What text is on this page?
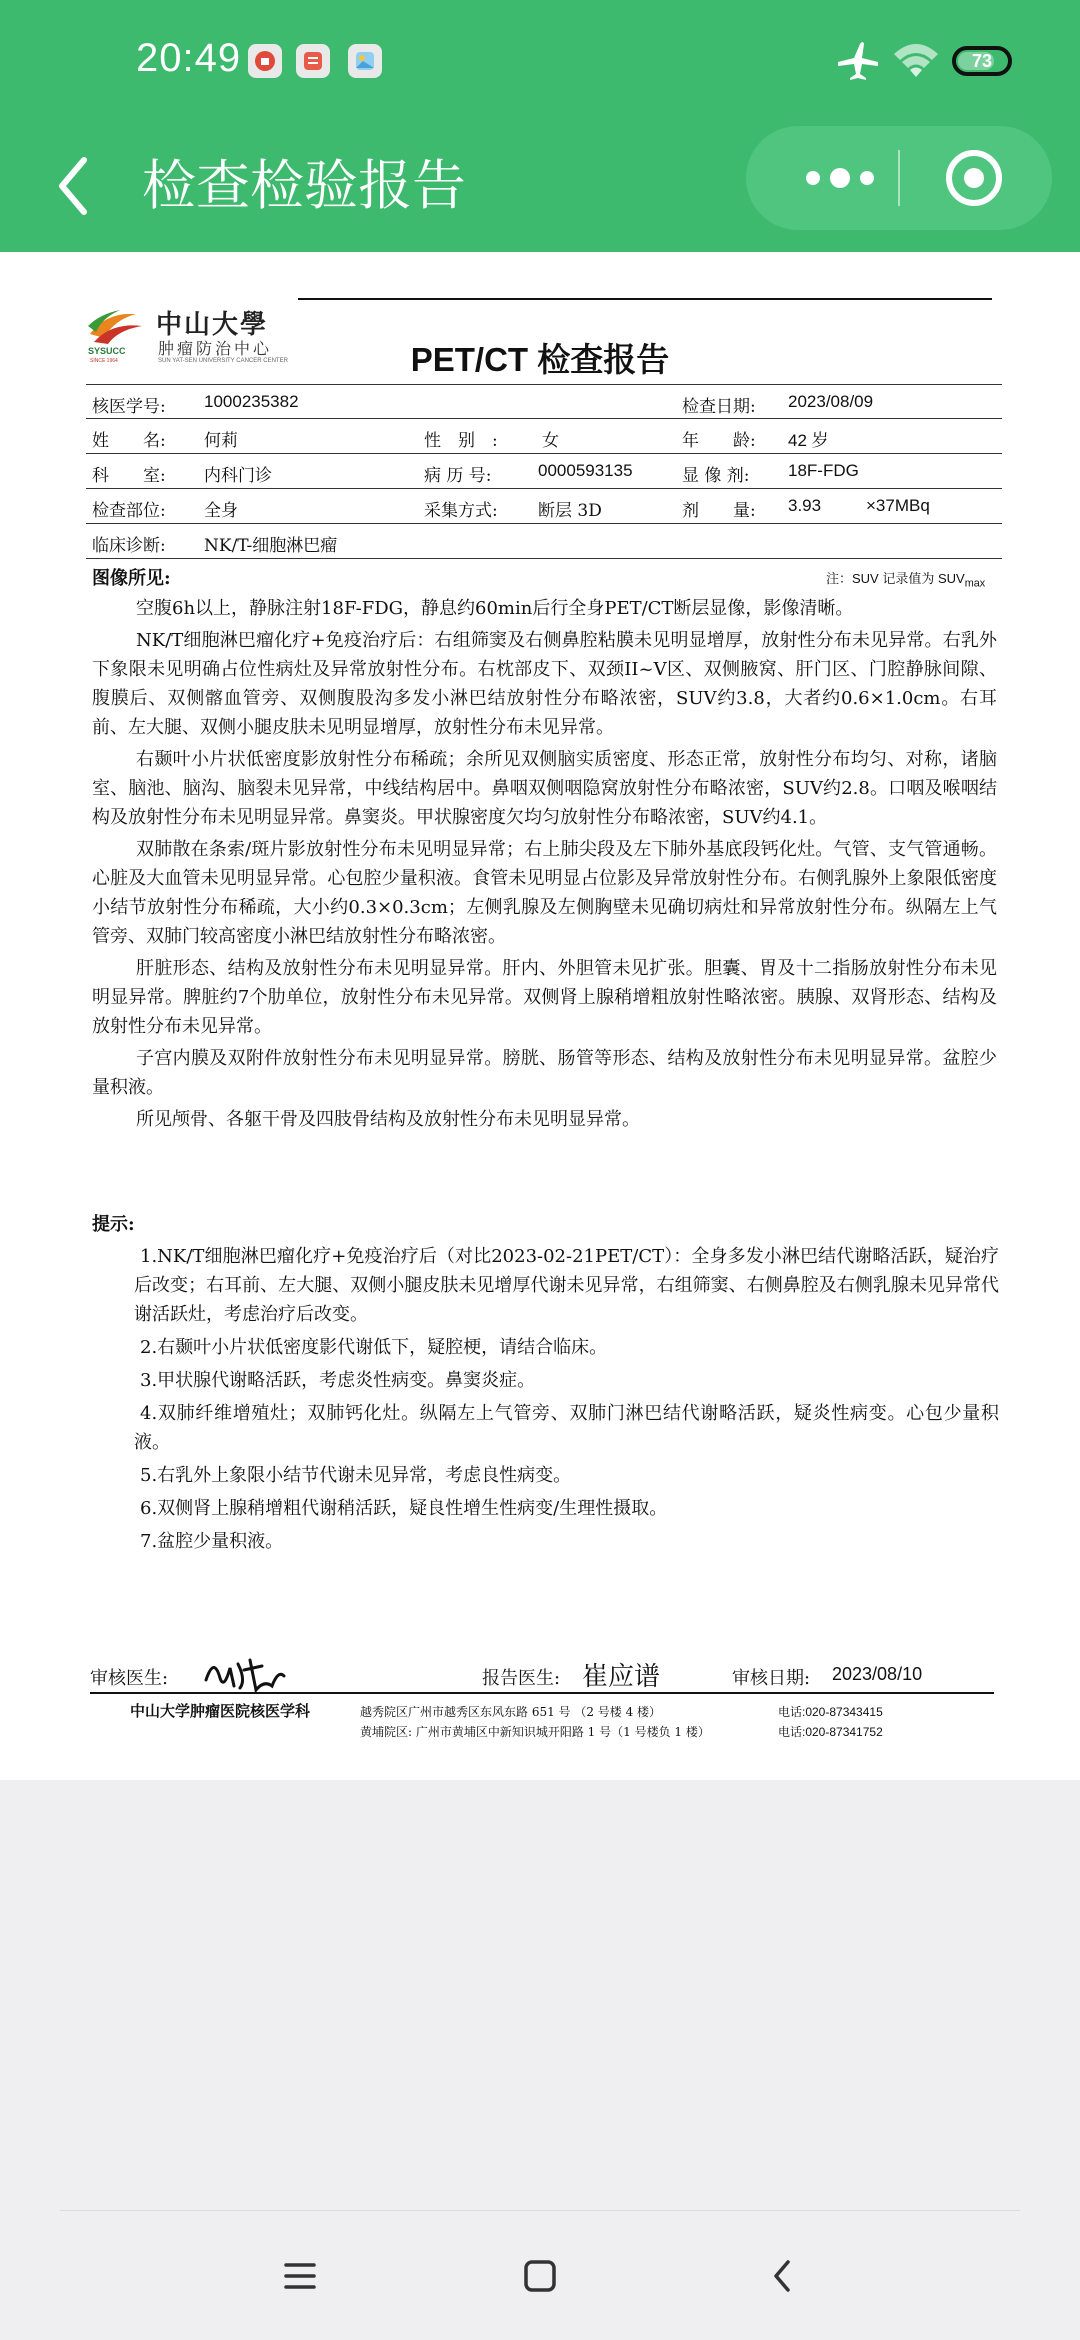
20:49	73
检查检验报告
SYSUCC
SINCE 1964
中山大學
肿瘤防治中心
SUN YAT-SEN UNIVERSITY CANCER CENTER	PET/CT 检查报告
核医学号: 1000235382	检查日期: 2023/08/09
姓　　名: 何莉	性　别　:	女	年　　龄: 42 岁
科　　室: 内科门诊	病 历 号:	0000593135	显 像 剂: 18F-FDG
检查部位: 全身	采集方式: 断层 3D	剂　　量: 3.93	×37MBq
临床诊断: NK/T-细胞淋巴瘤
图像所见:	注：SUV 记录值为 $SUV_{max}$

空腹6h以上，静脉注射18F-FDG，静息约60min后行全身PET/CT断层显像，影像清晰。

NK/T细胞淋巴瘤化疗+免疫治疗后：右组筛窦及右侧鼻腔粘膜未见明显增厚，放射性分布未见异常。右乳外下象限未见明确占位性病灶及异常放射性分布。右枕部皮下、双颈II~V区、双侧腋窝、肝门区、门腔静脉间隙、腹膜后、双侧髂血管旁、双侧腹股沟多发小淋巴结放射性分布略浓密，SUV约3.8，大者约0.6×1.0cm。右耳前、左大腿、双侧小腿皮肤未见明显增厚，放射性分布未见异常。

右颞叶小片状低密度影放射性分布稀疏；余所见双侧脑实质密度、形态正常，放射性分布均匀、对称，诸脑室、脑池、脑沟、脑裂未见异常，中线结构居中。鼻咽双侧咽隐窝放射性分布略浓密，SUV约2.8。口咽及喉咽结构及放射性分布未见明显异常。鼻窦炎。甲状腺密度欠均匀放射性分布略浓密，SUV约4.1。

双肺散在条索/斑片影放射性分布未见明显异常；右上肺尖段及左下肺外基底段钙化灶。气管、支气管通畅。心脏及大血管未见明显异常。心包腔少量积液。食管未见明显占位影及异常放射性分布。右侧乳腺外上象限低密度小结节放射性分布稀疏，大小约0.3×0.3cm；左侧乳腺及左侧胸壁未见确切病灶和异常放射性分布。纵隔左上气管旁、双肺门较高密度小淋巴结放射性分布略浓密。

肝脏形态、结构及放射性分布未见明显异常。肝内、外胆管未见扩张。胆囊、胃及十二指肠放射性分布未见明显异常。脾脏约7个肋单位，放射性分布未见异常。双侧肾上腺稍增粗放射性略浓密。胰腺、双肾形态、结构及放射性分布未见异常。

子宫内膜及双附件放射性分布未见明显异常。膀胱、肠管等形态、结构及放射性分布未见明显异常。盆腔少量积液。

所见颅骨、各躯干骨及四肢骨结构及放射性分布未见明显异常。

提示:

1.NK/T细胞淋巴瘤化疗+免疫治疗后（对比2023-02-21PET/CT）：全身多发小淋巴结代谢略活跃，疑治疗后改变；右耳前、左大腿、双侧小腿皮肤未见增厚代谢未见异常，右组筛窦、右侧鼻腔及右侧乳腺未见异常代谢活跃灶，考虑治疗后改变。

2.右颞叶小片状低密度影代谢低下，疑腔梗，请结合临床。

3.甲状腺代谢略活跃，考虑炎性病变。鼻窦炎症。

4.双肺纤维增殖灶；双肺钙化灶。纵隔左上气管旁、双肺门淋巴结代谢略活跃，疑炎性病变。心包少量积液。

5.右乳外上象限小结节代谢未见异常，考虑良性病变。

6.双侧肾上腺稍增粗代谢稍活跃，疑良性增生性病变/生理性摄取。

7.盆腔少量积液。

审核医生:	报告医生: 崔应谱	审核日期: 2023/08/10
中山大学肿瘤医院核医学科	越秀院区广州市越秀区东风东路 651 号 （2 号楼 4 楼）
黄埔院区: 广州市黄埔区中新知识城开阳路 1 号（1 号楼负 1 楼）
电话:020-87343415
电话:020-87341752
